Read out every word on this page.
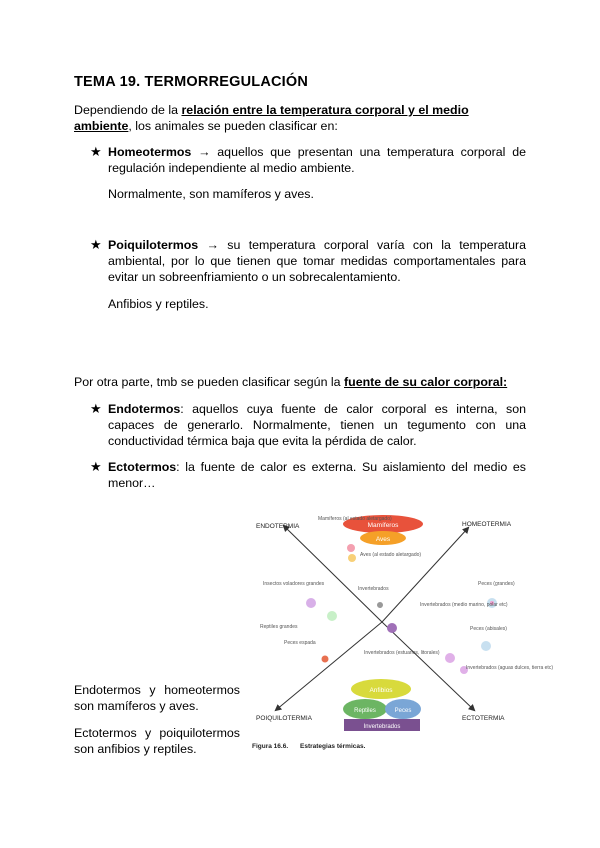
TEMA 19. TERMORREGULACIÓN
Dependiendo de la relación entre la temperatura corporal y el medio ambiente, los animales se pueden clasificar en:
★ Homeotermos → aquellos que presentan una temperatura corporal de regulación independiente al medio ambiente.
Normalmente, son mamíferos y aves.
★ Poiquilotermos → su temperatura corporal varía con la temperatura ambiental, por lo que tienen que tomar medidas comportamentales para evitar un sobreenfriamiento o un sobrecalentamiento.
Anfibios y reptiles.
Por otra parte, tmb se pueden clasificar según la fuente de su calor corporal:
★ Endotermos: aquellos cuya fuente de calor corporal es interna, son capaces de generarlo. Normalmente, tienen un tegumento con una conductividad térmica baja que evita la pérdida de calor.
★ Ectotermos: la fuente de calor es externa. Su aislamiento del medio es menor…
Endotermos y homeotermos son mamíferos y aves.
Ectotermos y poiquilotermos son anfibios y reptiles.
ENDOTERMIA	HOMEOTERMIA
POIQUILOTERMIA	ECTOTERMIA
Mamíferos
Aves
Anfibios
Reptiles	Peces
Invertebrados
Mamíferos (al estado aletargado)
Aves (al estado aletargado)
Insectos voladores grandes
Reptiles grandes
Invertebrados
Peces (grandes)
Peces (abisales)
Invertebrados (medio marino, polar etc)
Invertebrados (aguas dulces, tierra etc)
Invertebrados (estuarios, litorales)
Peces espada
Figura 16.6. Estrategias térmicas.
